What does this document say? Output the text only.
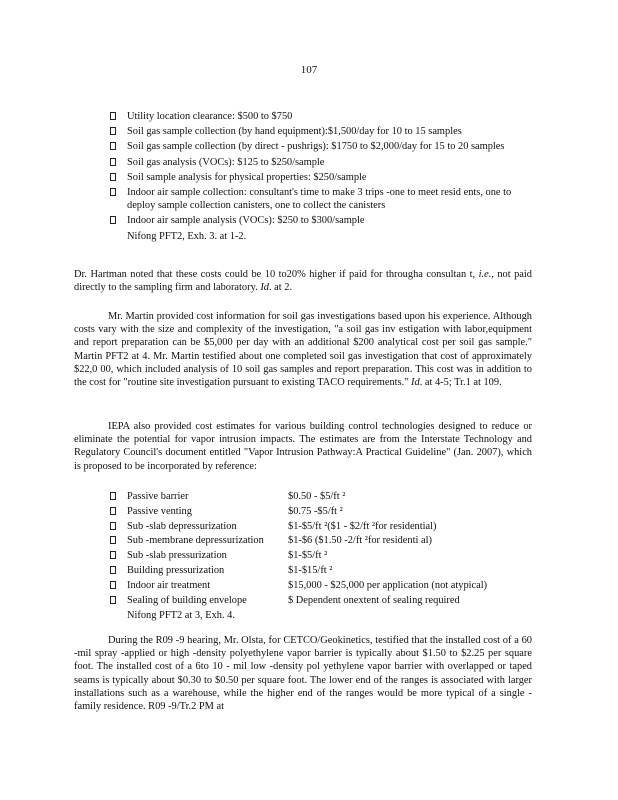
107
Utility location clearance: $500 to $750
Soil gas sample collection (by hand equipment):$1,500/day for 10 to 15 samples
Soil gas sample collection (by direct - pushrigs): $1750 to $2,000/day for 15 to 20 samples
Soil gas analysis (VOCs): $125 to $250/sample
Soil sample analysis for physical properties: $250/sample
Indoor air sample collection: consultant's time to make 3 trips -one to meet resid ents, one to deploy sample collection canisters, one to collect the canisters
Indoor air sample analysis (VOCs): $250 to $300/sample
Nifong PFT2, Exh. 3. at 1-2.

Dr. Hartman noted that these costs could be 10 to20% higher if paid for througha consultan t, i.e., not paid directly to the sampling firm and laboratory. Id. at 2.

Mr. Martin provided cost information for soil gas investigations based upon his experience. Although costs vary with the size and complexity of the investigation, "a soil gas inv estigation with labor,equipment and report preparation can be $5,000 per day with an additional $200 analytical cost per soil gas sample." Martin PFT2 at 4. Mr. Martin testified about one completed soil gas investigation that cost of approximately $22,0 00, which included analysis of 10 soil gas samples and report preparation. This cost was in addition to the cost for "routine site investigation pursuant to existing TACO requirements." Id. at 4-5; Tr.1 at 109.

IEPA also provided cost estimates for various building control technologies designed to reduce or eliminate the potential for vapor intrusion impacts. The estimates are from the Interstate Technology and Regulatory Council's document entitled "Vapor Intrusion Pathway:A Practical Guideline" (Jan. 2007), which is proposed to be incorporated by reference:

Passive barrier	$0.50 - $5/ft ²
Passive venting	$0.75 -$5/ft ²
Sub -slab depressurization	$1-$5/ft ²($1 - $2/ft ²for residential)
Sub -membrane depressurization $1-$6 ($1.50 -2/ft ²for residenti al)
Sub -slab pressurization	$1-$5/ft ²
Building pressurization	$1-$15/ft ²
Indoor air treatment	$15,000 - $25,000 per application (not atypical)
Sealing of building envelope	$ Dependent onextent of sealing required
Nifong PFT2 at 3, Exh. 4.

During the R09 -9 hearing, Mr. Olsta, for CETCO/Geokinetics, testified that the installed cost of a 60 -mil spray -applied or high -density polyethylene vapor barrier is typically about $1.50 to $2.25 per square foot. The installed cost of a 6to 10 - mil low -density pol yethylene vapor barrier with overlapped or taped seams is typically about $0.30 to $0.50 per square foot. The lower end of the ranges is associated with larger installations such as a warehouse, while the higher end of the ranges would be more typical of a single -family residence. R09 -9/Tr.2 PM at
